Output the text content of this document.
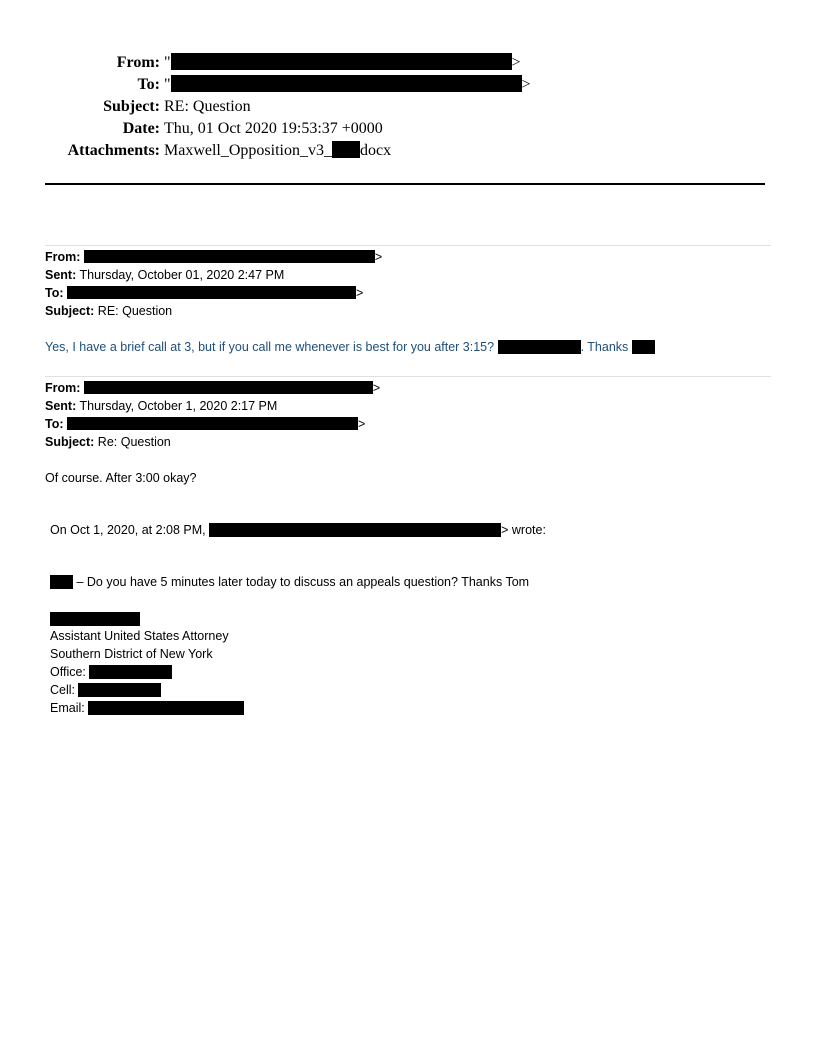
From: "	>
To: "	>
Subject: RE: Question
Date: Thu, 01 Oct 2020 19:53:37 +0000
Attachments: Maxwell_Opposition_v3_ docx
From:	>
Sent: Thursday, October 01, 2020 2:47 PM
To:	>
Subject: RE: Question
Yes, I have a brief call at 3, but if you call me whenever is best for you after 3:15?	. Thanks
From:	>
Sent: Thursday, October 1, 2020 2:17 PM
To:	>
Subject: Re: Question
Of course. After 3:00 okay?
On Oct 1, 2020, at 2:08 PM,	> wrote:
– Do you have 5 minutes later today to discuss an appeals question? Thanks Tom
Assistant United States Attorney
Southern District of New York
Office:
Cell:
Email:
